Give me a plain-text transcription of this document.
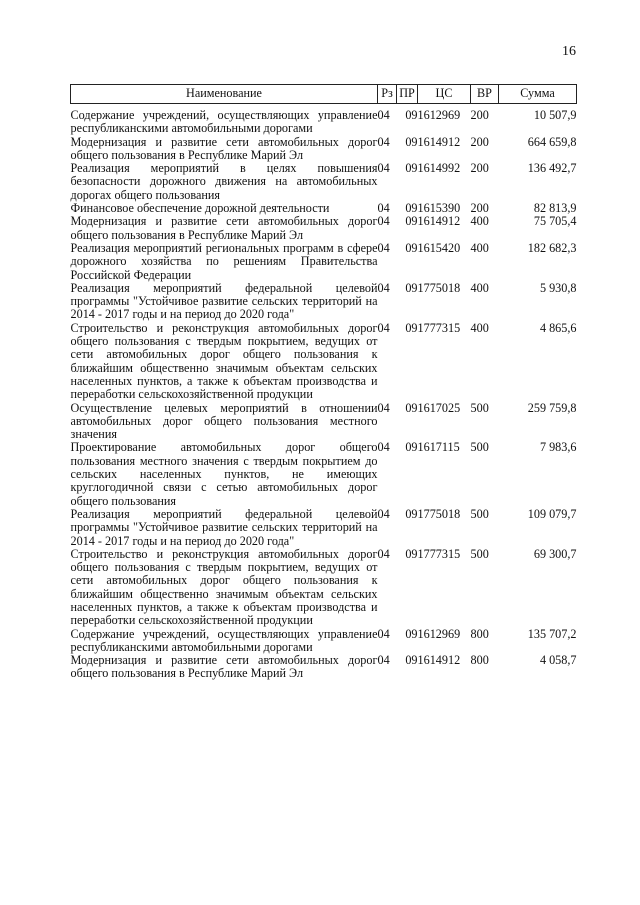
16
Наименование	Рз	ПР	ЦС	ВР	Сумма
Содержание учреждений, осуществляющих управление республиканскими автомобильными дорогами	04	09	1612969	200	10 507,9
Модернизация и развитие сети автомобильных дорог общего пользования в Республике Марий Эл	04	09	1614912	200	664 659,8
Реализация мероприятий в целях повышения безопасности дорожного движения на автомобильных дорогах общего пользования	04	09	1614992	200	136 492,7
Финансовое обеспечение дорожной деятельности	04	09	1615390	200	82 813,9
Модернизация и развитие сети автомобильных дорог общего пользования в Республике Марий Эл	04	09	1614912	400	75 705,4
Реализация мероприятий региональных программ в сфере дорожного хозяйства по решениям Правительства Российской Федерации	04	09	1615420	400	182 682,3
Реализация мероприятий федеральной целевой программы "Устойчивое развитие сельских территорий на 2014 - 2017 годы и на период до 2020 года"	04	09	1775018	400	5 930,8
Строительство и реконструкция автомобильных дорог общего пользования с твердым покрытием, ведущих от сети автомобильных дорог общего пользования к ближайшим общественно значимым объектам сельских населенных пунктов, а также к объектам производства и переработки сельскохозяйственной продукции	04	09	1777315	400	4 865,6
Осуществление целевых мероприятий в отношении автомобильных дорог общего пользования местного значения	04	09	1617025	500	259 759,8
Проектирование автомобильных дорог общего пользования местного значения с твердым покрытием до сельских населенных пунктов, не имеющих круглогодичной связи с сетью автомобильных дорог общего пользования	04	09	1617115	500	7 983,6
Реализация мероприятий федеральной целевой программы "Устойчивое развитие сельских территорий на 2014 - 2017 годы и на период до 2020 года"	04	09	1775018	500	109 079,7
Строительство и реконструкция автомобильных дорог общего пользования с твердым покрытием, ведущих от сети автомобильных дорог общего пользования к ближайшим общественно значимым объектам сельских населенных пунктов, а также к объектам производства и переработки сельскохозяйственной продукции	04	09	1777315	500	69 300,7
Содержание учреждений, осуществляющих управление республиканскими автомобильными дорогами	04	09	1612969	800	135 707,2
Модернизация и развитие сети автомобильных дорог общего пользования в Республике Марий Эл	04	09	1614912	800	4 058,7
